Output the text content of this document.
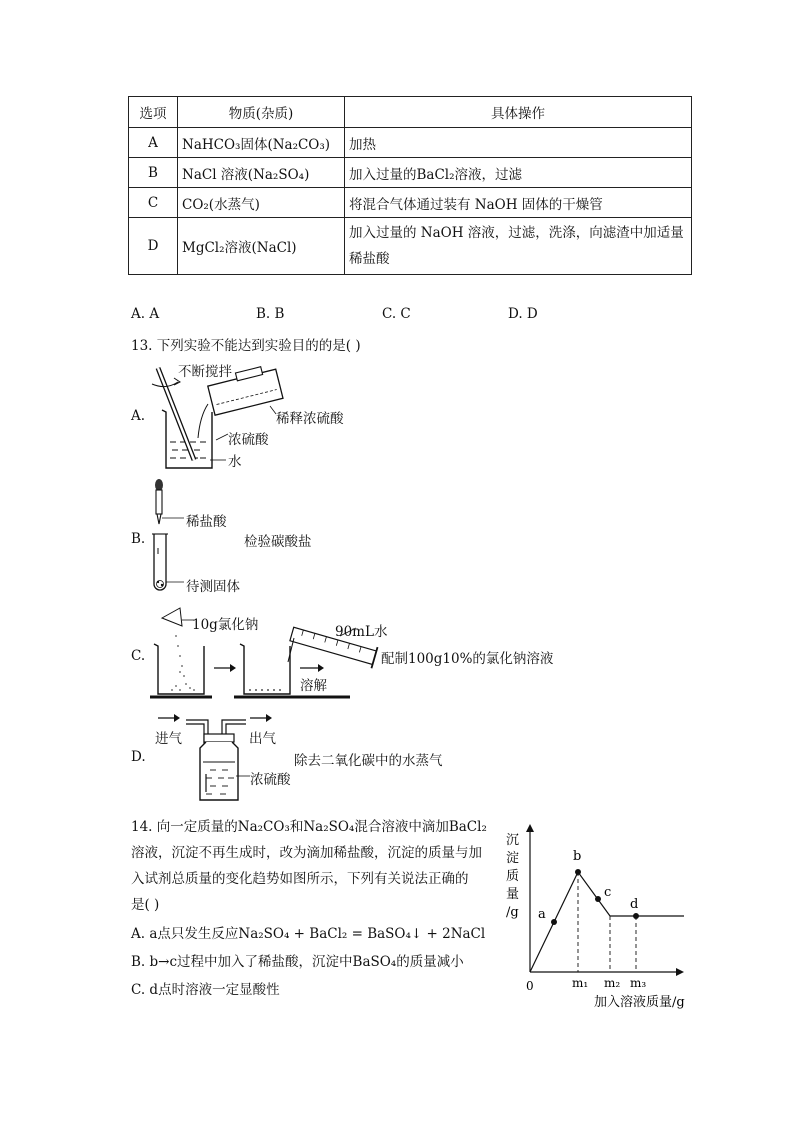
选项	物质(杂质)	具体操作
A	NaHCO₃固体(Na₂CO₃)	加热
B	NaCl 溶液(Na₂SO₄)	加入过量的BaCl₂溶液，过滤
C	CO₂(水蒸气)	将混合气体通过装有 NaOH 固体的干燥管
D	MgCl₂溶液(NaCl)	加入过量的 NaOH 溶液，过滤，洗涤，向滤渣中加适量
稀盐酸
A. A	B. B	C. C	D. D
13. 下列实验不能达到实验目的的是( )
A.
不断搅拌
稀释浓硫酸
浓硫酸
水
B.
稀盐酸
检验碳酸盐
待测固体
C.
10g氯化钠	90mL水
配制100g10%的氯化钠溶液
溶解
D.
进气	出气
除去二氧化碳中的水蒸气
浓硫酸
14. 向一定质量的Na₂CO₃和Na₂SO₄混合溶液中滴加BaCl₂
溶液，沉淀不再生成时，改为滴加稀盐酸，沉淀的质量与加
入试剂总质量的变化趋势如图所示，下列有关说法正确的
是( )
A. a点只发生反应Na₂SO₄ + BaCl₂ = BaSO₄↓ + 2NaCl
B. b→c过程中加入了稀盐酸，沉淀中BaSO₄的质量减小
C. d点时溶液一定显酸性
a
b
c
d
0	m₁ m₂ m₃
沉
淀
质
量
/g
加入溶液质量/g
